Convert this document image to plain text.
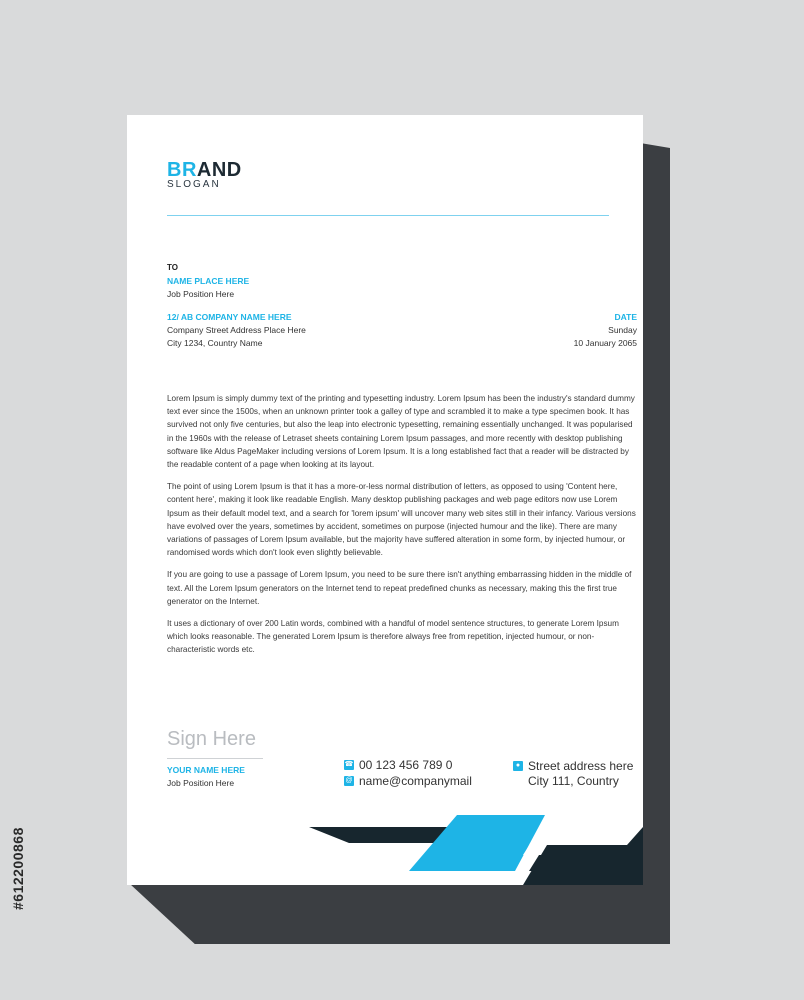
#612200868
BRAND
SLOGAN
TO
NAME PLACE HERE
Job Position Here
12/ AB COMPANY NAME HERE
Company Street Address Place Here
City 1234, Country Name
DATE
Sunday
10 January 2065

Lorem Ipsum is simply dummy text of the printing and typesetting industry. Lorem Ipsum has been the industry's standard dummy text ever since the 1500s, when an unknown printer took a galley of type and scrambled it to make a type specimen book. It has survived not only five centuries, but also the leap into electronic typesetting, remaining essentially unchanged. It was popularised in the 1960s with the release of Letraset sheets containing Lorem Ipsum passages, and more recently with desktop publishing software like Aldus PageMaker including versions of Lorem Ipsum. It is a long established fact that a reader will be distracted by the readable content of a page when looking at its layout.

The point of using Lorem Ipsum is that it has a more-or-less normal distribution of letters, as opposed to using 'Content here, content here', making it look like readable English. Many desktop publishing packages and web page editors now use Lorem Ipsum as their default model text, and a search for 'lorem ipsum' will uncover many web sites still in their infancy. Various versions have evolved over the years, sometimes by accident, sometimes on purpose (injected humour and the like). There are many variations of passages of Lorem Ipsum available, but the majority have suffered alteration in some form, by injected humour, or randomised words which don't look even slightly believable.

If you are going to use a passage of Lorem Ipsum, you need to be sure there isn't anything embarrassing hidden in the middle of text. All the Lorem Ipsum generators on the Internet tend to repeat predefined chunks as necessary, making this the first true generator on the Internet.

It uses a dictionary of over 200 Latin words, combined with a handful of model sentence structures, to generate Lorem Ipsum which looks reasonable. The generated Lorem Ipsum is therefore always free from repetition, injected humour, or non-characteristic words etc.

Sign Here
YOUR NAME HERE
Job Position Here
☎ 00 123 456 789 0
@ name@companymail
● Street address here
City 111, Country
